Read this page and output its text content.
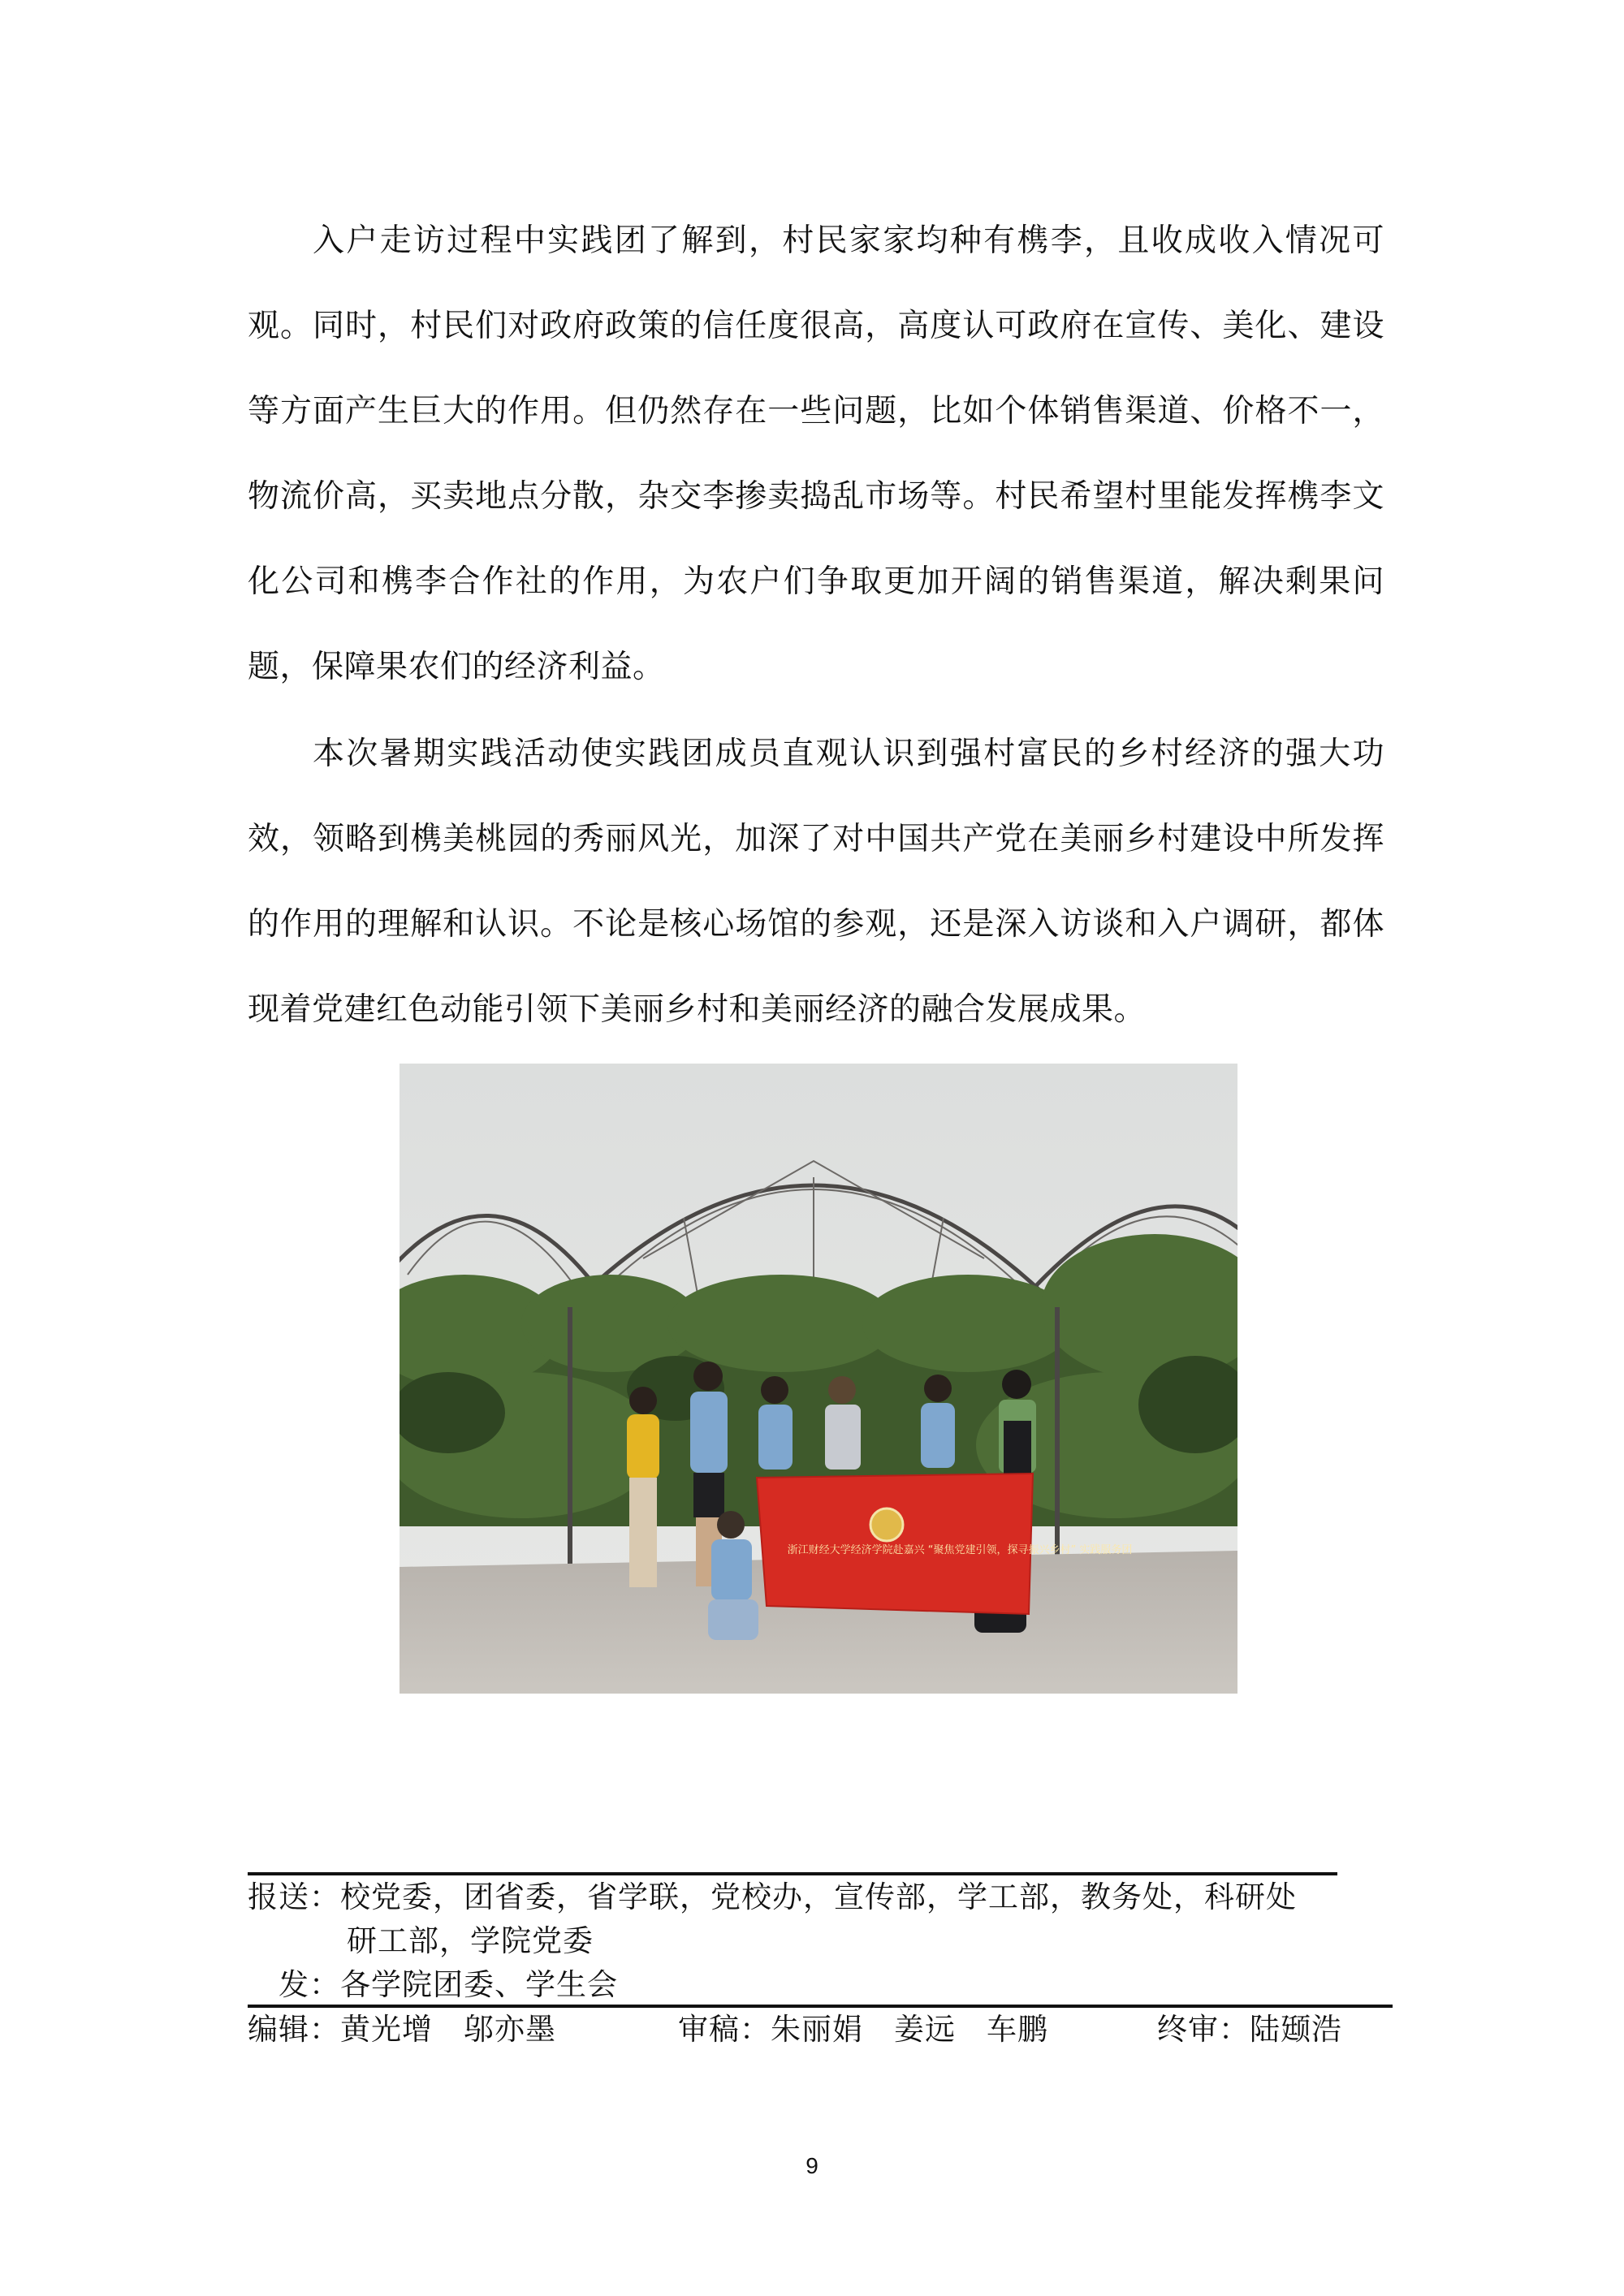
入户走访过程中实践团了解到，村民家家均种有槜李，且收成收入情况可观。同时，村民们对政府政策的信任度很高，高度认可政府在宣传、美化、建设等方面产生巨大的作用。但仍然存在一些问题，比如个体销售渠道、价格不一，物流价高，买卖地点分散，杂交李掺卖捣乱市场等。村民希望村里能发挥槜李文化公司和槜李合作社的作用，为农户们争取更加开阔的销售渠道，解决剩果问题，保障果农们的经济利益。

本次暑期实践活动使实践团成员直观认识到强村富民的乡村经济的强大功效，领略到槜美桃园的秀丽风光，加深了对中国共产党在美丽乡村建设中所发挥的作用的理解和认识。不论是核心场馆的参观，还是深入访谈和入户调研，都体现着党建红色动能引领下美丽乡村和美丽经济的融合发展成果。

浙江财经大学经济学院赴嘉兴 “聚焦党建引领，探寻振兴乡村” 实践服务团
报送：校党委，团省委，省学联，党校办，宣传部，学工部，教务处，科研处
研工部，学院党委
　发：各学院团委、学生会

编辑：黄光增　邬亦墨

	审稿：朱丽娟　姜远　车鹏

	终审：陆颋浩

9
